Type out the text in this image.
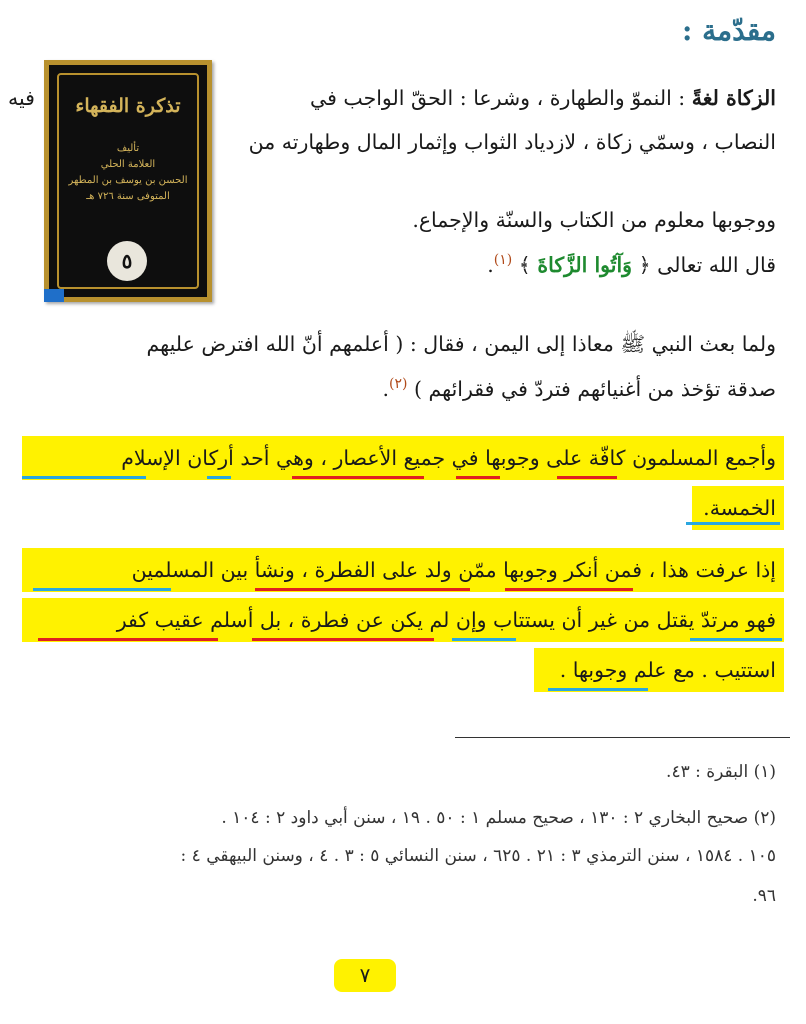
مقدّمة :
تذكرة الفقهاء
تأليف
العلامة الحلي
الحسن بن يوسف بن المطهر
المتوفى سنة ٧٢٦ هـ
٥
الزكاة لغةً : النموّ والطهارة ، وشرعا : الحقّ الواجب في
فيه
النصاب ، وسمّي زكاة ، لازدياد الثواب وإثمار المال وطهارته من
ووجوبها معلوم من الكتاب والسنّة والإجماع.
قال الله تعالى ﴿ وَآتُوا الزَّكاةَ ﴾ $^{(١)}$.
ولما بعث النبي ﷺ معاذا إلى اليمن ، فقال : ( أعلمهم أنّ الله افترض عليهم
صدقة تؤخذ من أغنيائهم فتردّ في فقرائهم ) $^{(٢)}$.
وأجمع المسلمون كافّة على وجوبها في جميع الأعصار ، وهي أحد أركان الإسلام
الخمسة.
إذا عرفت هذا ، فمن أنكر وجوبها ممّن ولد على الفطرة ، ونشأ بين المسلمين
فهو مرتدّ يقتل من غير أن يستتاب وإن لم يكن عن فطرة ، بل أسلم عقيب كفر
استتيب . مع علم وجوبها .
(١) البقرة : ٤٣.
(٢) صحيح البخاري ٢ : ١٣٠ ، صحيح مسلم ١ : ٥٠ . ١٩ ، سنن أبي داود ٢ : ١٠٤ .
١٠٥ . ١٥٨٤ ، سنن الترمذي ٣ : ٢١ . ٦٢٥ ، سنن النسائي ٥ : ٣ . ٤ ، وسنن البيهقي ٤ :
٩٦.
٧
